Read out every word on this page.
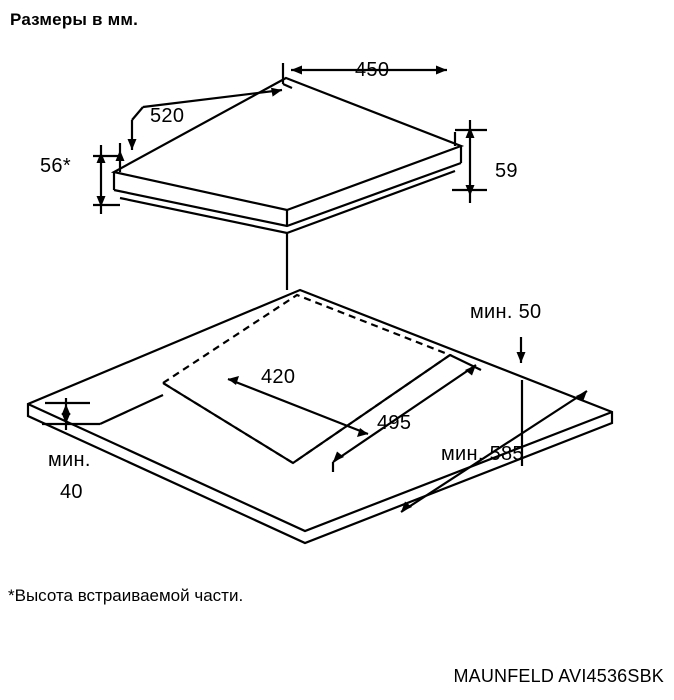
Размеры в мм.
450
520
56*	59
420
495
мин. 50
мин.
40
мин. 585
*Высота встраиваемой части.
MAUNFELD AVI4536SBK
